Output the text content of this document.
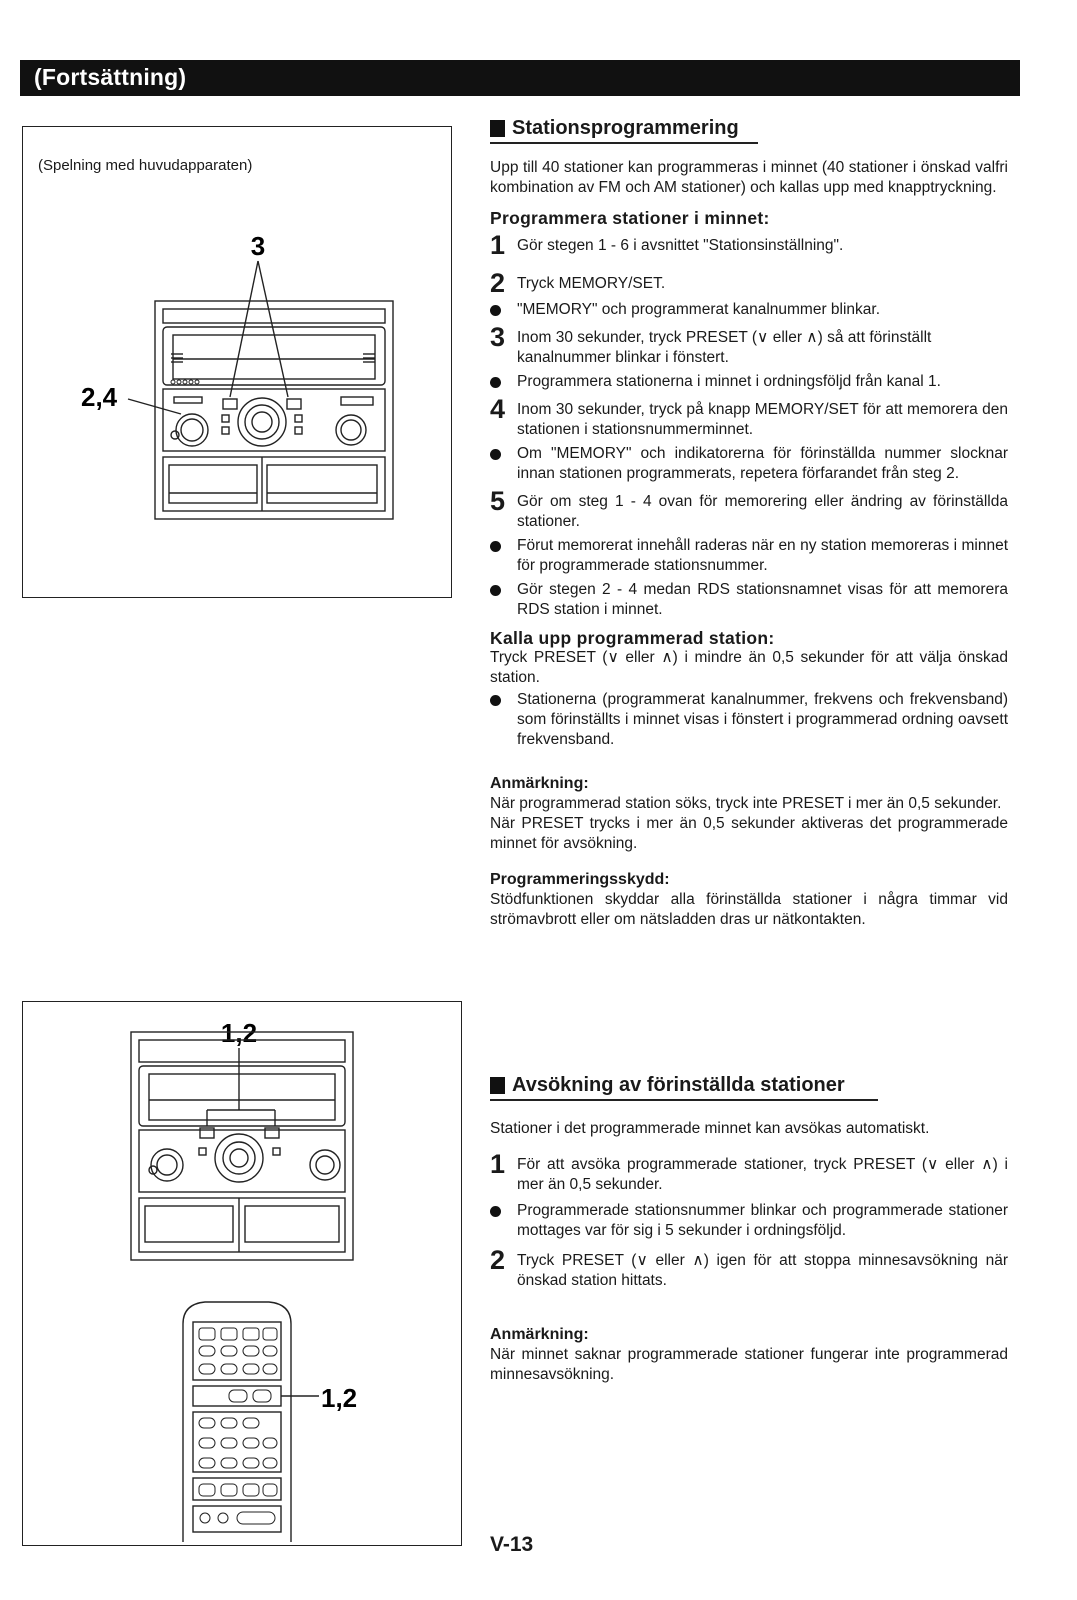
(Fortsättning)
(Spelning med huvudapparaten)
3
2,4
1,2
1,2
Stationsprogrammering
Upp till 40 stationer kan programmeras i minnet (40 stationer i önskad valfri kombination av FM och AM stationer) och kallas upp med knapptryckning.
Programmera stationer i minnet:
1 Gör stegen 1 - 6 i avsnittet "Stationsinställning".
2 Tryck MEMORY/SET.
"MEMORY" och programmerat kanalnummer blinkar.
3 Inom 30 sekunder, tryck PRESET (∨ eller ∧) så att förinställt kanalnummer blinkar i fönstert.
Programmera stationerna i minnet i ordningsföljd från kanal 1.
4 Inom 30 sekunder, tryck på knapp MEMORY/SET för att memorera den stationen i stationsnummerminnet.
Om "MEMORY" och indikatorerna för förinställda nummer slocknar innan stationen programmerats, repetera förfarandet från steg 2.
5 Gör om steg 1 - 4 ovan för memorering eller ändring av förinställda stationer.
Förut memorerat innehåll raderas när en ny station memoreras i minnet för programmerade stationsnummer.
Gör stegen 2 - 4 medan RDS stationsnamnet visas för att memorera RDS station i minnet.
Kalla upp programmerad station:
Tryck PRESET (∨ eller ∧) i mindre än 0,5 sekunder för att välja önskad station.
Stationerna (programmerat kanalnummer, frekvens och frekvensband) som förinställts i minnet visas i fönstert i programmerad ordning oavsett frekvensband.
Anmärkning:
När programmerad station söks, tryck inte PRESET i mer än 0,5 sekunder.
När PRESET trycks i mer än 0,5 sekunder aktiveras det programmerade minnet för avsökning.
Programmeringsskydd:
Stödfunktionen skyddar alla förinställda stationer i några timmar vid strömavbrott eller om nätsladden dras ur nätkontakten.
Avsökning av förinställda stationer
Stationer i det programmerade minnet kan avsökas automatiskt.
1 För att avsöka programmerade stationer, tryck PRESET (∨ eller ∧) i mer än 0,5 sekunder.
Programmerade stationsnummer blinkar och programmerade stationer mottages var för sig i 5 sekunder i ordningsföljd.
2 Tryck PRESET (∨ eller ∧) igen för att stoppa minnesavsökning när önskad station hittats.
Anmärkning:
När minnet saknar programmerade stationer fungerar inte programmerad minnesavsökning.
V-13
